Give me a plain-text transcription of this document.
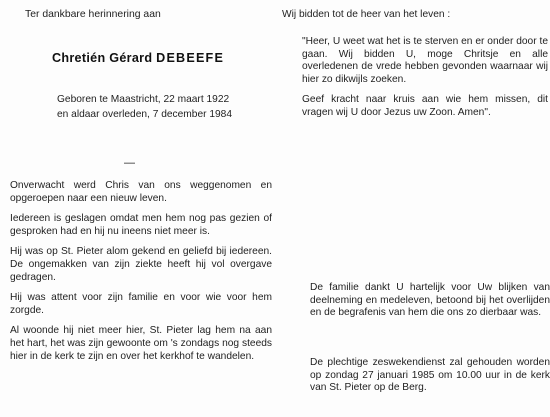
Ter dankbare herinnering aan
Chretién Gérard DEBEEFE
Geboren te Maastricht, 22 maart 1922
en aldaar overleden, 7 december 1984
—

Onverwacht werd Chris van ons weggenomen en opgeroepen naar een nieuw leven.

Iedereen is geslagen omdat men hem nog pas gezien of gesproken had en hij nu ineens niet meer is.

Hij was op St. Pieter alom gekend en geliefd bij iedereen. De ongemakken van zijn ziekte heeft hij vol overgave gedragen.

Hij was attent voor zijn familie en voor wie voor hem zorgde.

Al woonde hij niet meer hier, St. Pieter lag hem na aan het hart, het was zijn gewoonte om 's zondags nog steeds hier in de kerk te zijn en over het kerkhof te wandelen.

Wij bidden tot de heer van het leven :

"Heer, U weet wat het is te sterven en er onder door te gaan. Wij bidden U, moge Chritsje en alle overledenen de vrede hebben gevonden waarnaar wij hier zo dikwijls zoeken.

Geef kracht naar kruis aan wie hem missen, dit vragen wij U door Jezus uw Zoon. Amen".

De familie dankt U hartelijk voor Uw blijken van deelneming en medeleven, betoond bij het overlijden en de begrafenis van hem die ons zo dierbaar was.

De plechtige zeswekendienst zal gehouden worden op zondag 27 januari 1985 om 10.00 uur in de kerk van St. Pieter op de Berg.
